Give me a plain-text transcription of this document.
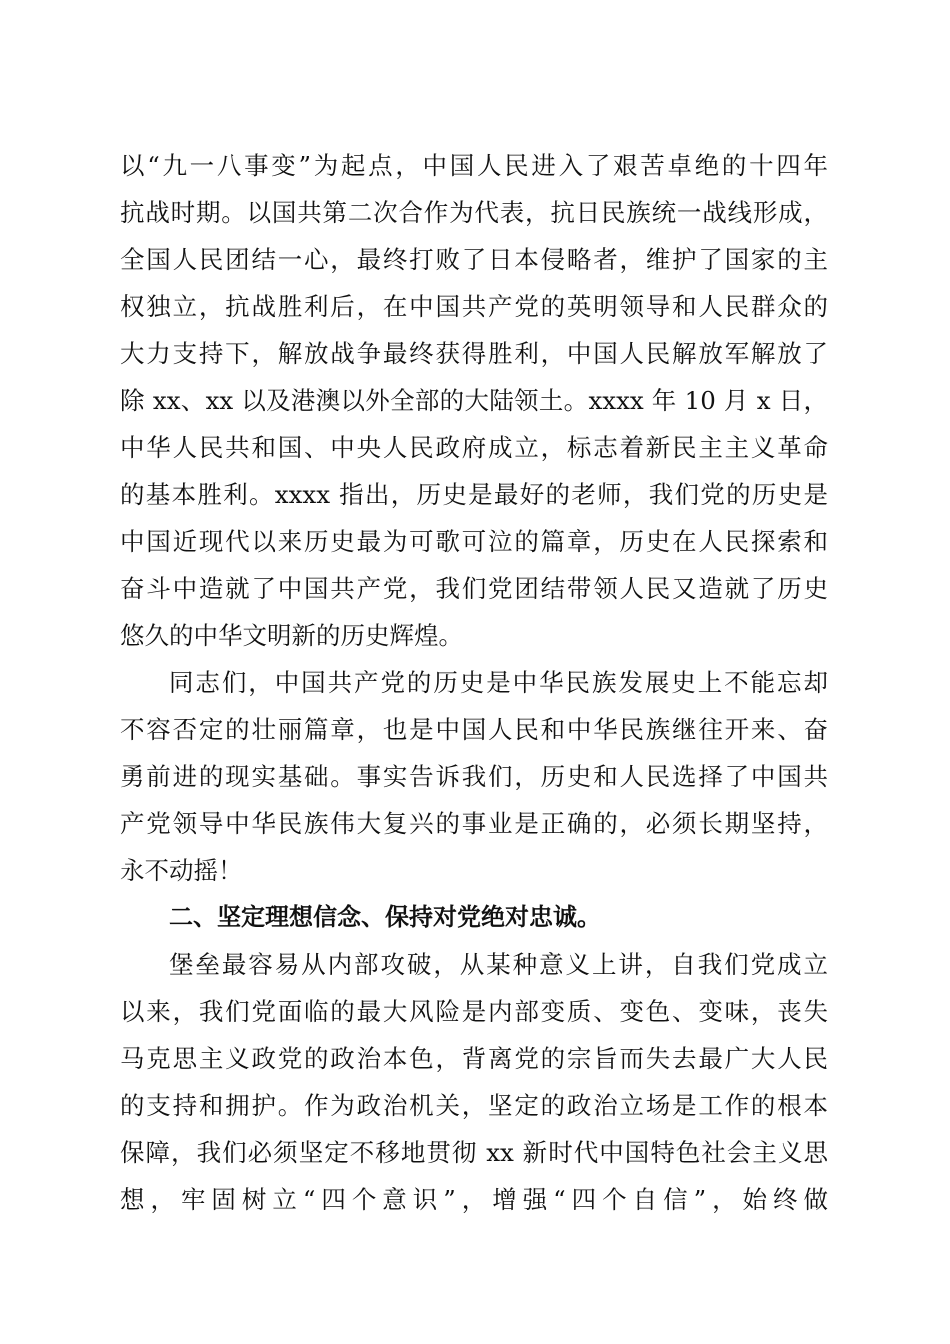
以“九一八事变”为起点，中国人民进入了艰苦卓绝的十四年
抗战时期。以国共第二次合作为代表，抗日民族统一战线形成，
全国人民团结一心，最终打败了日本侵略者，维护了国家的主
权独立，抗战胜利后，在中国共产党的英明领导和人民群众的
大力支持下，解放战争最终获得胜利，中国人民解放军解放了
除 xx、xx 以及港澳以外全部的大陆领土。xxxx 年 10 月 x 日，
中华人民共和国、中央人民政府成立，标志着新民主主义革命
的基本胜利。xxxx 指出，历史是最好的老师，我们党的历史是
中国近现代以来历史最为可歌可泣的篇章，历史在人民探索和
奋斗中造就了中国共产党，我们党团结带领人民又造就了历史
悠久的中华文明新的历史辉煌。
同志们，中国共产党的历史是中华民族发展史上不能忘却
不容否定的壮丽篇章，也是中国人民和中华民族继往开来、奋
勇前进的现实基础。事实告诉我们，历史和人民选择了中国共
产党领导中华民族伟大复兴的事业是正确的，必须长期坚持，
永不动摇！
二、坚定理想信念、保持对党绝对忠诚。
堡垒最容易从内部攻破，从某种意义上讲，自我们党成立
以来，我们党面临的最大风险是内部变质、变色、变味，丧失
马克思主义政党的政治本色，背离党的宗旨而失去最广大人民
的支持和拥护。作为政治机关，坚定的政治立场是工作的根本
保障，我们必须坚定不移地贯彻 xx 新时代中国特色社会主义思
想，牢固树立“四个意识”，增强“四个自信”，始终做
